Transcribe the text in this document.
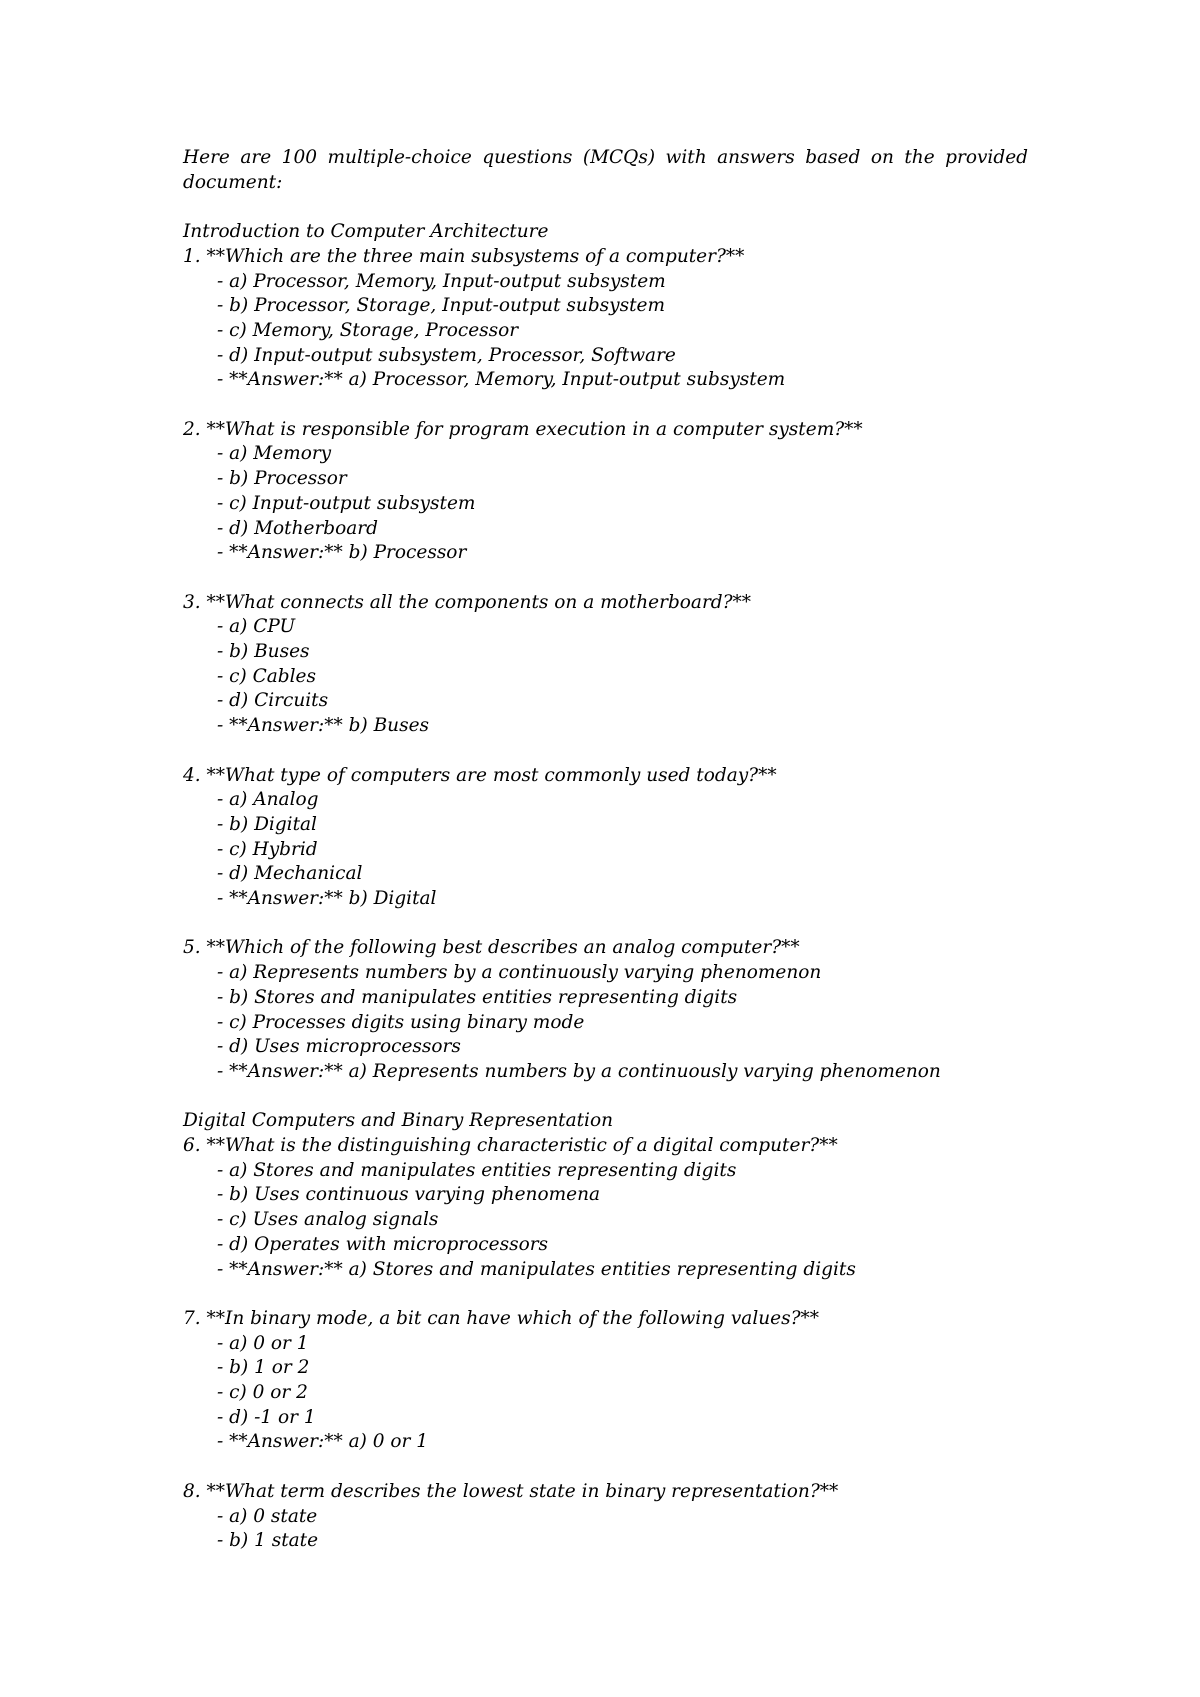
Here are 100 multiple-choice questions (MCQs) with answers based on the provided document:

Introduction to Computer Architecture

1. **Which are the three main subsystems of a computer?**

- a) Processor, Memory, Input-output subsystem

- b) Processor, Storage, Input-output subsystem

- c) Memory, Storage, Processor

- d) Input-output subsystem, Processor, Software

- **Answer:** a) Processor, Memory, Input-output subsystem

2. **What is responsible for program execution in a computer system?**

- a) Memory

- b) Processor

- c) Input-output subsystem

- d) Motherboard

- **Answer:** b) Processor

3. **What connects all the components on a motherboard?**

- a) CPU

- b) Buses

- c) Cables

- d) Circuits

- **Answer:** b) Buses

4. **What type of computers are most commonly used today?**

- a) Analog

- b) Digital

- c) Hybrid

- d) Mechanical

- **Answer:** b) Digital

5. **Which of the following best describes an analog computer?**

- a) Represents numbers by a continuously varying phenomenon

- b) Stores and manipulates entities representing digits

- c) Processes digits using binary mode

- d) Uses microprocessors

- **Answer:** a) Represents numbers by a continuously varying phenomenon

Digital Computers and Binary Representation

6. **What is the distinguishing characteristic of a digital computer?**

- a) Stores and manipulates entities representing digits

- b) Uses continuous varying phenomena

- c) Uses analog signals

- d) Operates with microprocessors

- **Answer:** a) Stores and manipulates entities representing digits

7. **In binary mode, a bit can have which of the following values?**

- a) 0 or 1

- b) 1 or 2

- c) 0 or 2

- d) -1 or 1

- **Answer:** a) 0 or 1

8. **What term describes the lowest state in binary representation?**

- a) 0 state

- b) 1 state
